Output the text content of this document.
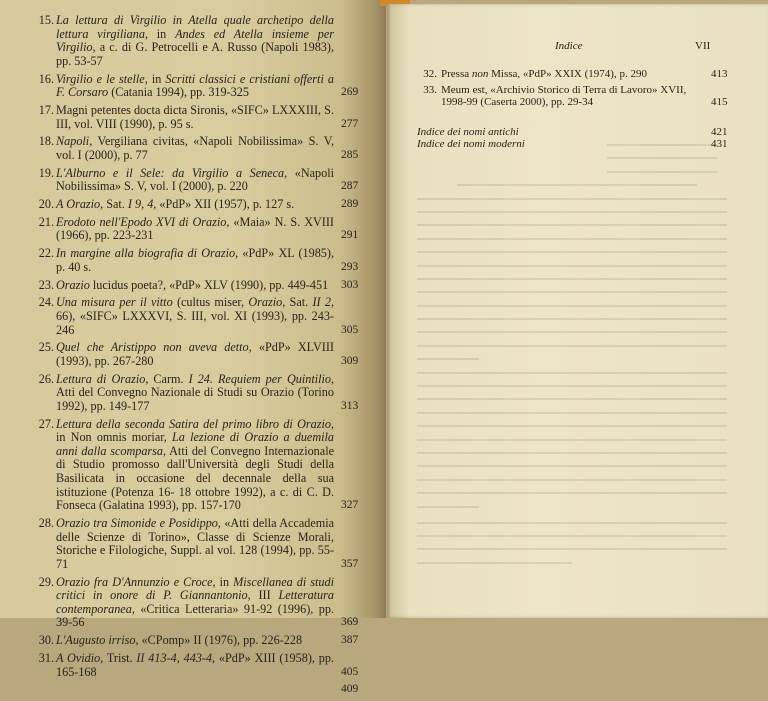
15. La lettura di Virgilio in Atella quale archetipo della lettura virgiliana, in Andes ed Atella insieme per Virgilio, a c. di G. Petrocelli e A. Russo (Napoli 1983), pp. 53-57
16. Virgilio e le stelle, in Scritti classici e cristiani offerti a F. Corsaro (Catania 1994), pp. 319-325	269
17. Magni petentes docta dicta Sironis, «SIFC» LXXXIII, S. III, vol. VIII (1990), p. 95 s.	277
18. Napoli, Vergiliana civitas, «Napoli Nobilissima» S. V, vol. I (2000), p. 77	285
19. L'Alburno e il Sele: da Virgilio a Seneca, «Napoli Nobilissima» S. V, vol. I (2000), p. 220	287
20. A Orazio, Sat. I 9, 4, «PdP» XII (1957), p. 127 s.	289
21. Erodoto nell'Epodo XVI di Orazio, «Maia» N. S. XVIII (1966), pp. 223-231	291
22. In margine alla biografia di Orazio, «PdP» XL (1985), p. 40 s.	293
23. Orazio lucidus poeta?, «PdP» XLV (1990), pp. 449-451	303
24. Una misura per il vitto (cultus miser, Orazio, Sat. II 2, 66), «SIFC» LXXXVI, S. III, vol. XI (1993), pp. 243-246	305
25. Quel che Aristippo non aveva detto, «PdP» XLVIII (1993), pp. 267-280	309
26. Lettura di Orazio, Carm. I 24. Requiem per Quintilio, Atti del Convegno Nazionale di Studi su Orazio (Torino 1992), pp. 149-177	313
27. Lettura della seconda Satira del primo libro di Orazio, in Non omnis moriar, La lezione di Orazio a duemila anni dalla scomparsa, Atti del Convegno Internazionale di Studio promosso dall'Università degli Studi della Basilicata in occasione del decennale della sua istituzione (Potenza 16- 18 ottobre 1992), a c. di C. D. Fonseca (Galatina 1993), pp. 157-170	327
28. Orazio tra Simonide e Posidippo, «Atti della Accademia delle Scienze di Torino», Classe di Scienze Morali, Storiche e Filologiche, Suppl. al vol. 128 (1994), pp. 55-71	357
29. Orazio fra D'Annunzio e Croce, in Miscellanea di studi critici in onore di P. Giannantonio, III Letteratura contemporanea, «Critica Letteraria» 91-92 (1996), pp. 39-56	369
30. L'Augusto irriso, «CPomp» II (1976), pp. 226-228	387
31. A Ovidio, Trist. II 413-4, 443-4, «PdP» XIII (1958), pp. 165-168	405
409

Indice	VII
32. Pressa non Missa, «PdP» XXIX (1974), p. 290	413
33. Meum est, «Archivio Storico di Terra di Lavoro» XVII, 1998-99 (Caserta 2000), pp. 29-34	415
Indice dei nomi antichi	421
Indice dei nomi moderni	431
